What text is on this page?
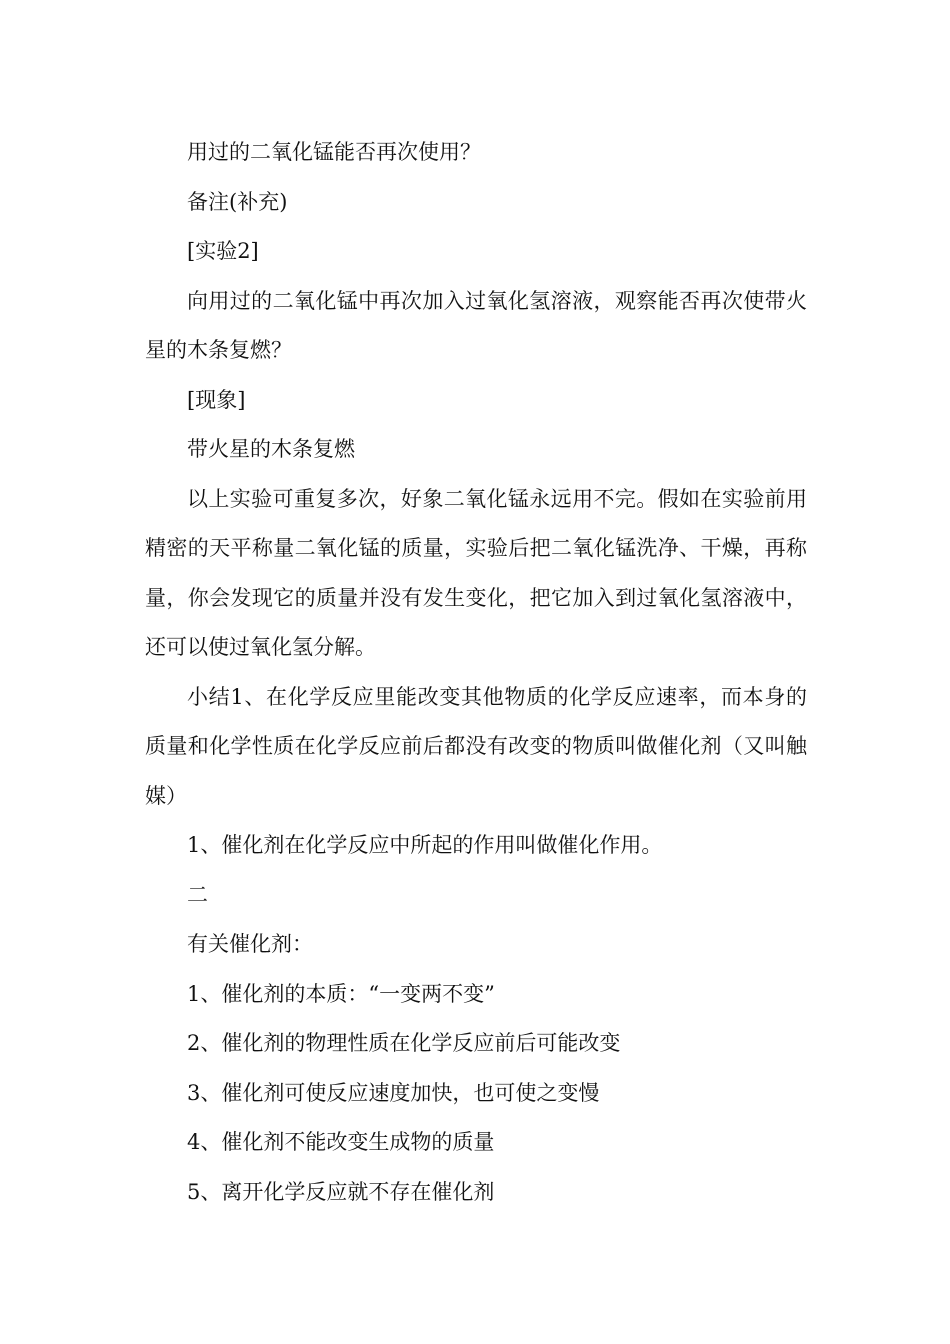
用过的二氧化锰能否再次使用？

备注(补充)

[实验2]

向用过的二氧化锰中再次加入过氧化氢溶液，观察能否再次使带火星的木条复燃？

[现象]

带火星的木条复燃

以上实验可重复多次，好象二氧化锰永远用不完。假如在实验前用精密的天平称量二氧化锰的质量，实验后把二氧化锰洗净、干燥，再称量，你会发现它的质量并没有发生变化，把它加入到过氧化氢溶液中，还可以使过氧化氢分解。

小结1、在化学反应里能改变其他物质的化学反应速率，而本身的质量和化学性质在化学反应前后都没有改变的物质叫做催化剂（又叫触媒）

1、催化剂在化学反应中所起的作用叫做催化作用。

二

有关催化剂：

1、催化剂的本质：“一变两不变”

2、催化剂的物理性质在化学反应前后可能改变

3、催化剂可使反应速度加快，也可使之变慢

4、催化剂不能改变生成物的质量

5、离开化学反应就不存在催化剂
